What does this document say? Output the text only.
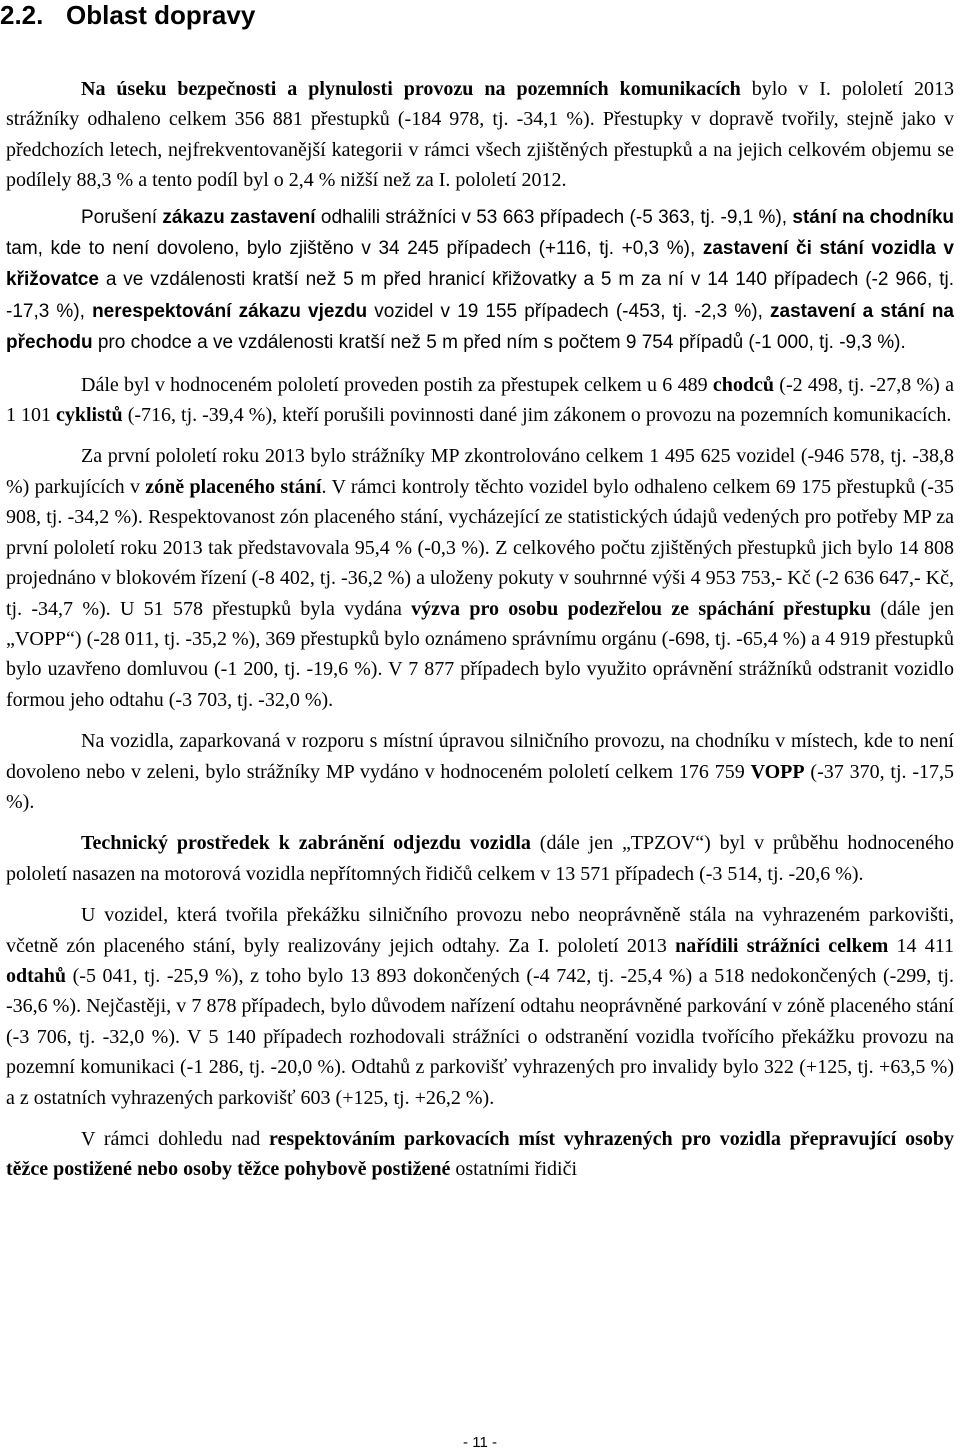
2.2. Oblast dopravy

Na úseku bezpečnosti a plynulosti provozu na pozemních komunikacích bylo v I. pololetí 2013 strážníky odhaleno celkem 356 881 přestupků (-184 978, tj. -34,1 %). Přestupky v dopravě tvořily, stejně jako v předchozích letech, nejfrekventovanější kategorii v rámci všech zjištěných přestupků a na jejich celkovém objemu se podílely 88,3 % a tento podíl byl o 2,4 % nižší než za I. pololetí 2012.

Porušení zákazu zastavení odhalili strážníci v 53 663 případech (-5 363, tj. -9,1 %), stání na chodníku tam, kde to není dovoleno, bylo zjištěno v 34 245 případech (+116, tj. +0,3 %), zastavení či stání vozidla v křižovatce a ve vzdálenosti kratší než 5 m před hranicí křižovatky a 5 m za ní v 14 140 případech (-2 966, tj. -17,3 %), nerespektování zákazu vjezdu vozidel v 19 155 případech (-453, tj. -2,3 %), zastavení a stání na přechodu pro chodce a ve vzdálenosti kratší než 5 m před ním s počtem 9 754 případů (-1 000, tj. -9,3 %).

Dále byl v hodnoceném pololetí proveden postih za přestupek celkem u 6 489 chodců (-2 498, tj. -27,8 %) a 1 101 cyklistů (-716, tj. -39,4 %), kteří porušili povinnosti dané jim zákonem o provozu na pozemních komunikacích.

Za první pololetí roku 2013 bylo strážníky MP zkontrolováno celkem 1 495 625 vozidel (-946 578, tj. -38,8 %) parkujících v zóně placeného stání. V rámci kontroly těchto vozidel bylo odhaleno celkem 69 175 přestupků (-35 908, tj. -34,2 %). Respektovanost zón placeného stání, vycházející ze statistických údajů vedených pro potřeby MP za první pololetí roku 2013 tak představovala 95,4 % (-0,3 %). Z celkového počtu zjištěných přestupků jich bylo 14 808 projednáno v blokovém řízení (-8 402, tj. -36,2 %) a uloženy pokuty v souhrnné výši 4 953 753,- Kč (-2 636 647,- Kč, tj. -34,7 %). U 51 578 přestupků byla vydána výzva pro osobu podezřelou ze spáchání přestupku (dále jen „VOPP“) (-28 011, tj. -35,2 %), 369 přestupků bylo oznámeno správnímu orgánu (-698, tj. -65,4 %) a 4 919 přestupků bylo uzavřeno domluvou (-1 200, tj. -19,6 %). V 7 877 případech bylo využito oprávnění strážníků odstranit vozidlo formou jeho odtahu (-3 703, tj. -32,0 %).

Na vozidla, zaparkovaná v rozporu s místní úpravou silničního provozu, na chodníku v místech, kde to není dovoleno nebo v zeleni, bylo strážníky MP vydáno v hodnoceném pololetí celkem 176 759 VOPP (-37 370, tj. -17,5 %).

Technický prostředek k zabránění odjezdu vozidla (dále jen „TPZOV“) byl v průběhu hodnoceného pololetí nasazen na motorová vozidla nepřítomných řidičů celkem v 13 571 případech (-3 514, tj. -20,6 %).

U vozidel, která tvořila překážku silničního provozu nebo neoprávněně stála na vyhrazeném parkovišti, včetně zón placeného stání, byly realizovány jejich odtahy. Za I. pololetí 2013 nařídili strážníci celkem 14 411 odtahů (-5 041, tj. -25,9 %), z toho bylo 13 893 dokončených (-4 742, tj. -25,4 %) a 518 nedokončených (-299, tj. -36,6 %). Nejčastěji, v 7 878 případech, bylo důvodem nařízení odtahu neoprávněné parkování v zóně placeného stání (-3 706, tj. -32,0 %). V 5 140 případech rozhodovali strážníci o odstranění vozidla tvořícího překážku provozu na pozemní komunikaci (-1 286, tj. -20,0 %). Odtahů z parkovišť vyhrazených pro invalidy bylo 322 (+125, tj. +63,5 %) a z ostatních vyhrazených parkovišť 603 (+125, tj. +26,2 %).

V rámci dohledu nad respektováním parkovacích míst vyhrazených pro vozidla přepravující osoby těžce postižené nebo osoby těžce pohybově postižené ostatními řidiči

- 11 -
